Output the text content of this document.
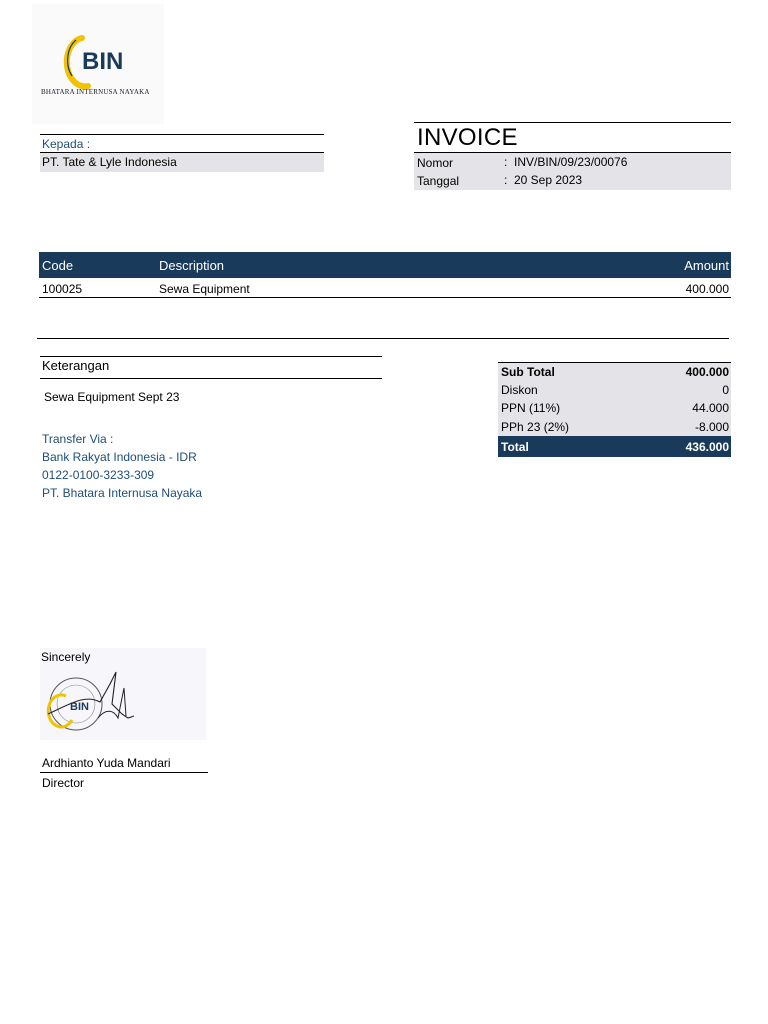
BIN
BHATARA INTERNUSA NAYAKA
Kepada :
PT. Tate & Lyle Indonesia
INVOICE
Nomor	: INV/BIN/09/23/00076
Tanggal	: 20 Sep 2023
Code	Description	Amount
100025	Sewa Equipment	400.000
Keterangan
Sewa Equipment Sept 23
Transfer Via :
Bank Rakyat Indonesia - IDR
0122-0100-3233-309
PT. Bhatara Internusa Nayaka
Sub Total	400.000
Diskon	0
PPN (11%)	44.000
PPh 23 (2%)	-8.000
Total	436.000
BIN
Sincerely
Ardhianto Yuda Mandari
Director
